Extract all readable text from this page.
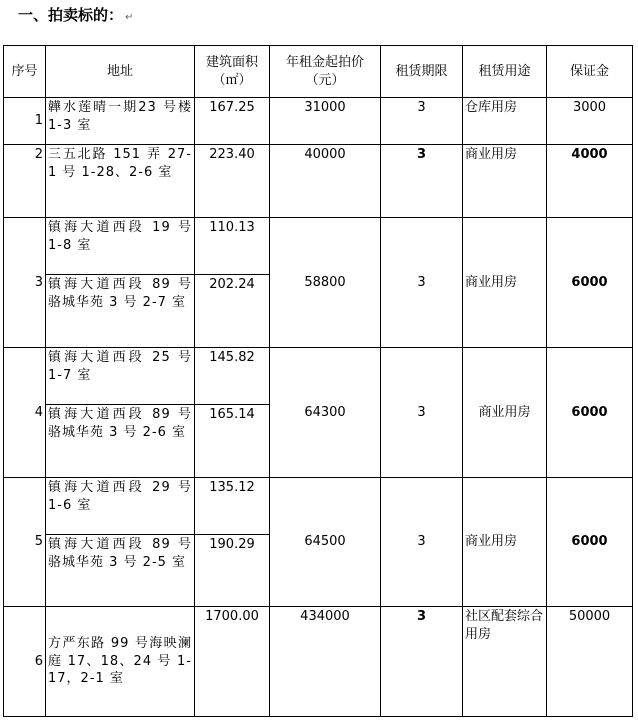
一、拍卖标的： ↵
序号	地址	建筑面积（㎡）	年租金起拍价（元）	租赁期限	租赁用途	保证金
1	韡水莲晴一期23 号楼 1-3 室	167.25	31000	3	仓库用房	3000
2	三五北路 151 弄 27-1 号 1-28、2-6 室	223.40	40000	3	商业用房	4000
3	镇海大道西段 19 号 1-8 室	110.13	58800	3	商业用房	6000
	镇海大道西段 89 号 骆城华苑 3 号 2-7 室	202.24				
4	镇海大道西段 25 号 1-7 室	145.82	64300	3	商业用房	6000
	镇海大道西段 89 号 骆城华苑 3 号 2-6 室	165.14				
5	镇海大道西段 29 号 1-6 室	135.12	64500	3	商业用房	6000
	镇海大道西段 89 号 骆城华苑 3 号 2-5 室	190.29				
6	方严东路 99 号海映澜庭 17、18、24 号 1-17，2-1 室	1700.00	434000	3	社区配套综合用房	50000
